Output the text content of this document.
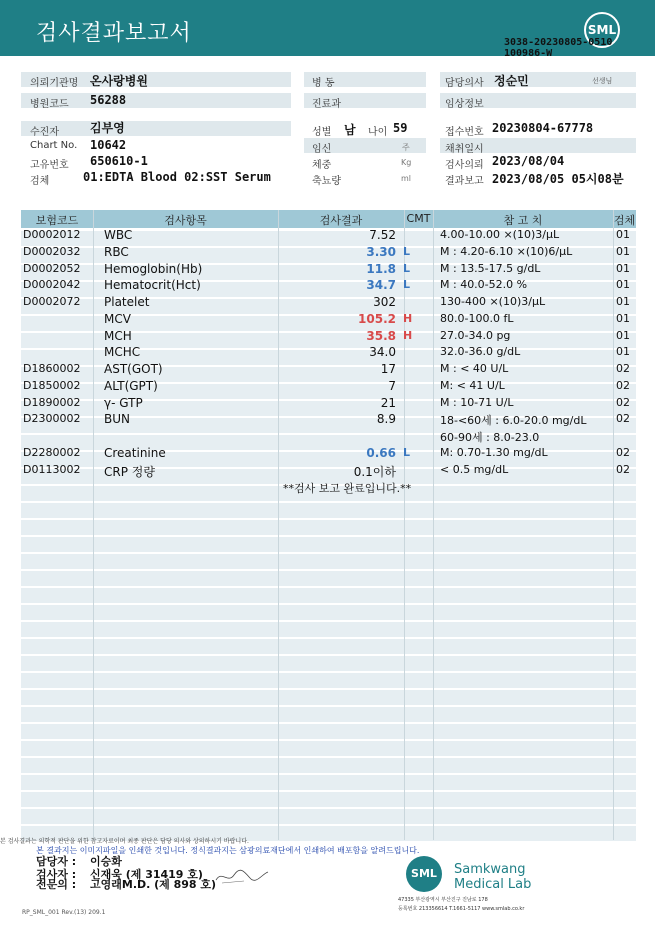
검사결과보고서	SML
3038-20230805-0510
100986-W
의뢰기관명 온사랑병원
병원코드 56288
병 동
진료과
담당의사 정순민	선생님
임상정보
수진자	김부영
Chart No. 10642
고유번호 650610-1
검체	01:EDTA Blood 02:SST Serum
성별 남 나이 59
임신	주
체중	Kg
축뇨량	ml
접수번호 20230804-67778
채취일시
검사의뢰 2023/08/04
결과보고 2023/08/05 05시08분
보험코드	검사항목	검사결과	CMT	참 고 치	검체
D0002012 WBC	7.52	4.00-10.00 ×(10)3/μL	01
D0002032 RBC	3.30 L	M : 4.20-6.10 ×(10)6/μL	01
D0002052 Hemoglobin(Hb)	11.8 L	M : 13.5-17.5 g/dL	01
D0002042 Hematocrit(Hct)	34.7 L	M : 40.0-52.0 %	01
D0002072 Platelet	302	130-400 ×(10)3/μL	01
MCV	105.2 H	80.0-100.0 fL	01
MCH	35.8 H	27.0-34.0 pg	01
MCHC	34.0	32.0-36.0 g/dL	01
D1860002 AST(GOT)	17	M : < 40 U/L	02
D1850002 ALT(GPT)	7	M: < 41 U/L	02
D1890002 γ- GTP	21	M : 10-71 U/L	02
D2300002 BUN	8.9	18-<60세 : 6.0-20.0 mg/dL	02
60-90세 : 8.0-23.0
D2280002 Creatinine	0.66 L	M: 0.70-1.30 mg/dL	02
D0113002 CRP 정량	0.1이하	< 0.5 mg/dL	02
**검사 보고 완료입니다.**
본 검사결과는 의학적 판단을 위한 참고자료이며 최종 판단은 담당 의사와 상의하시기 바랍니다.
본 결과지는 이미지파일을 인쇄한 것입니다. 정식결과지는 삼광의료재단에서 인쇄하여 배포함을 알려드립니다.
담당자 : 이승화
검사자 : 신재욱 (제 31419 호)
전문의 : 고영래M.D. (제 898 호)
SML	Samkwang
Medical Lab
47335 부산광역시 부산진구 진남로 178
등록번호 213356614 T.1661-5117 www.smlab.co.kr
RP_SML_001 Rev.(13) 209.1
